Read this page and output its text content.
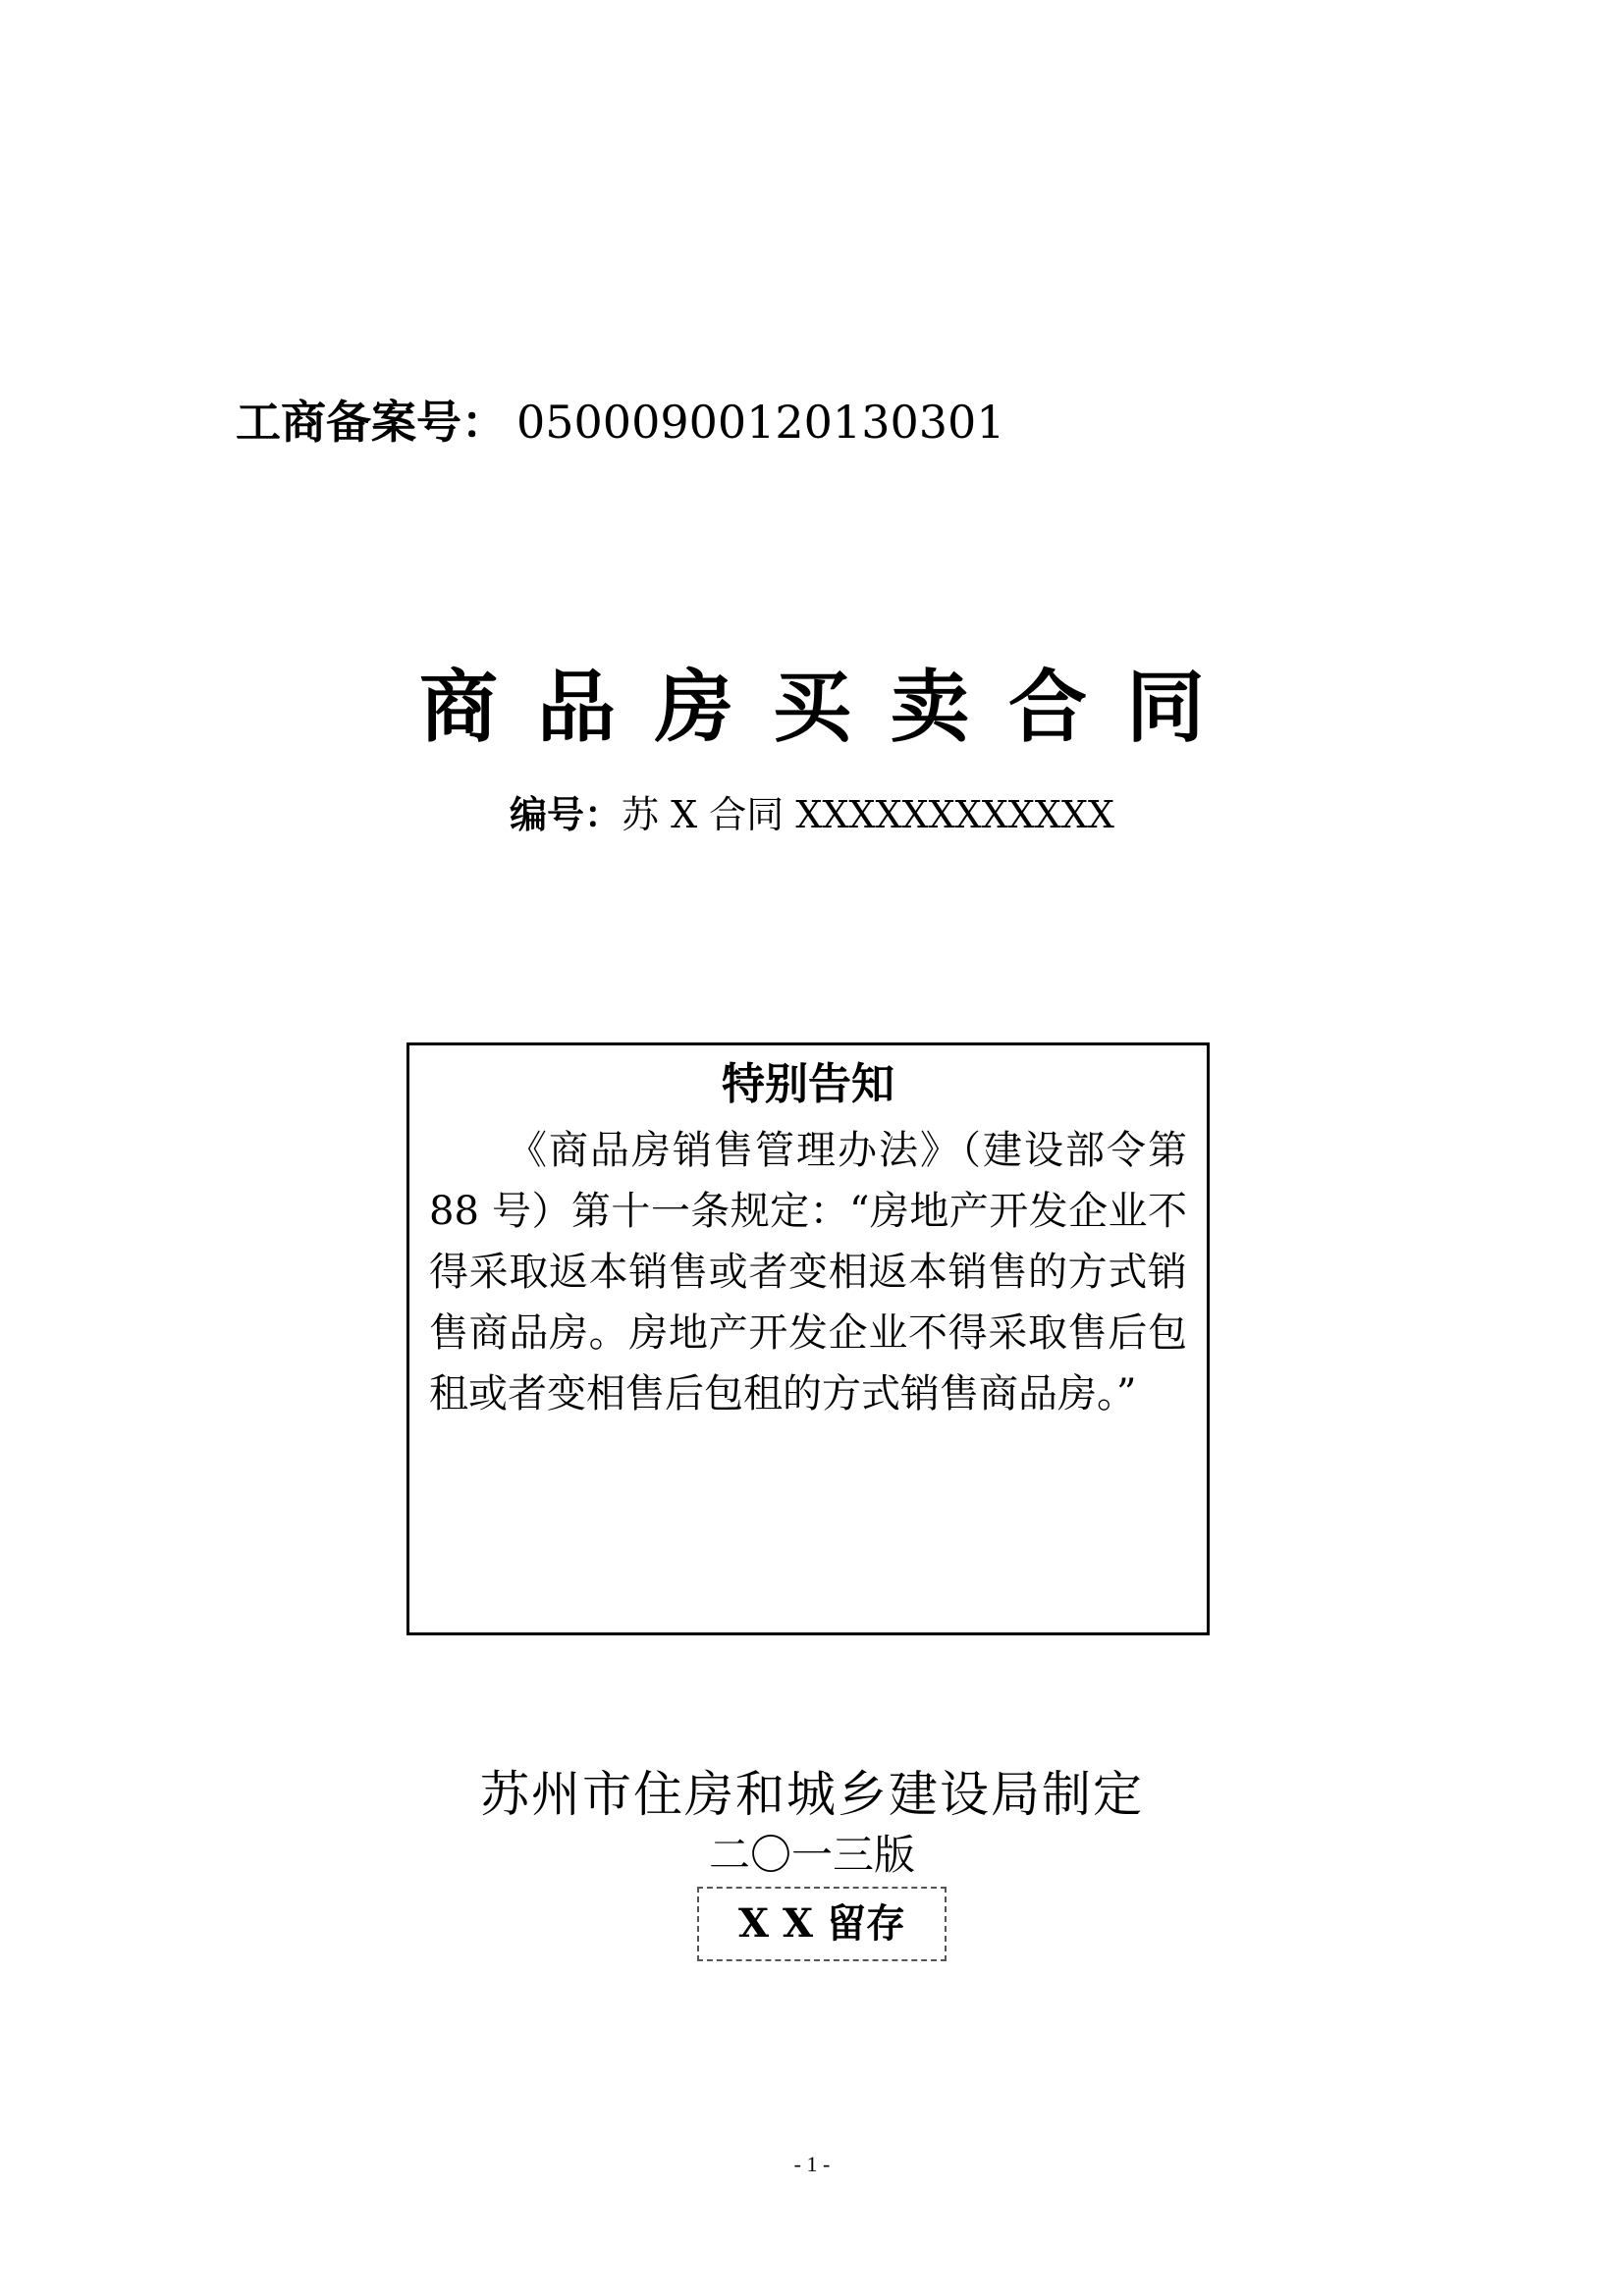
工商备案号： 05000900120130301
商品房买卖合同
编号：苏 X 合同 XXXXXXXXXXXX
特别告知
《商品房销售管理办法》（建设部令第 88 号）第十一条规定：“房地产开发企业不得采取返本销售或者变相返本销售的方式销售商品房。房地产开发企业不得采取售后包租或者变相售后包租的方式销售商品房。”
苏州市住房和城乡建设局制定
二〇一三版
X X 留存
- 1 -
